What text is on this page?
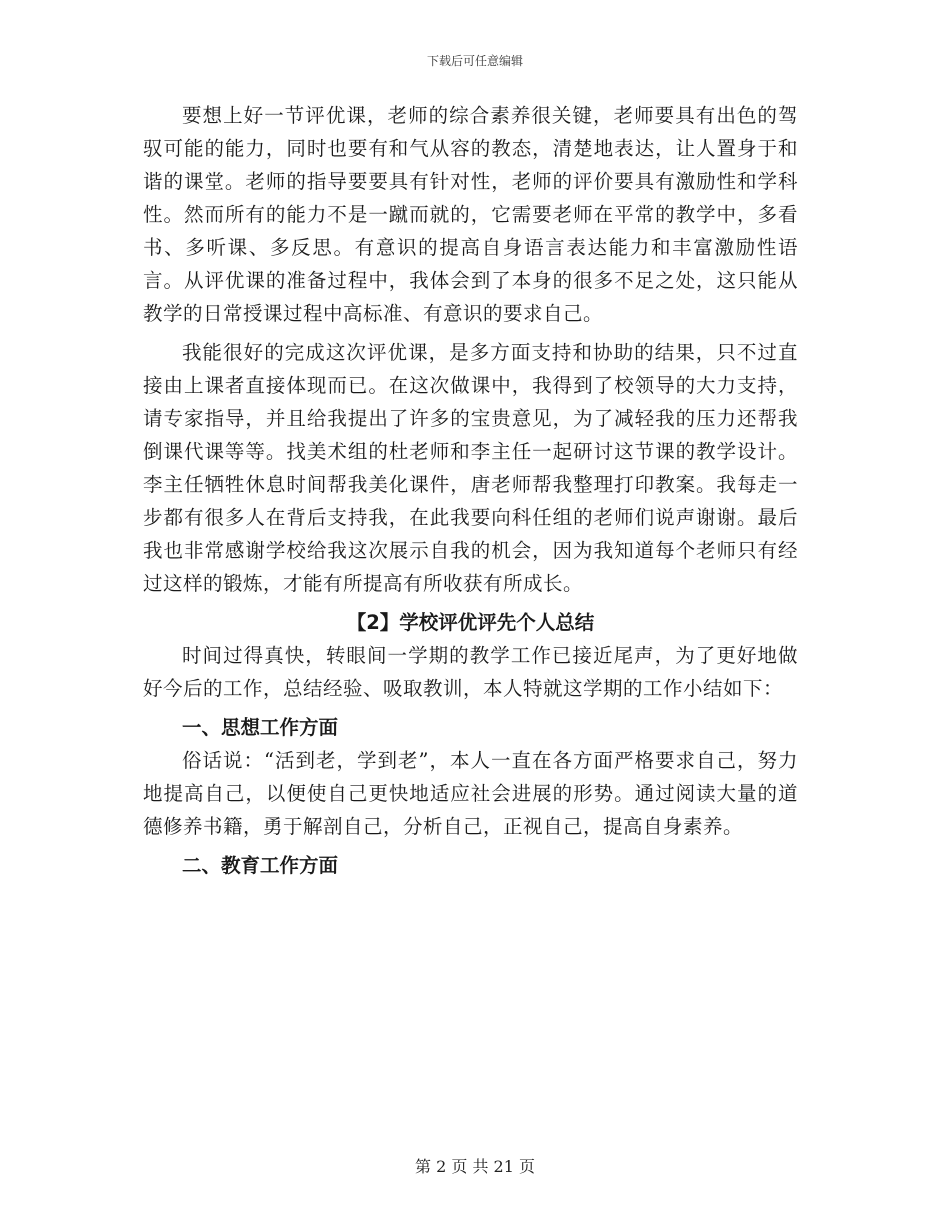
下载后可任意编辑

要想上好一节评优课，老师的综合素养很关键，老师要具有出色的驾驭可能的能力，同时也要有和气从容的教态，清楚地表达，让人置身于和谐的课堂。老师的指导要要具有针对性，老师的评价要具有激励性和学科性。然而所有的能力不是一蹴而就的，它需要老师在平常的教学中，多看书、多听课、多反思。有意识的提高自身语言表达能力和丰富激励性语言。从评优课的准备过程中，我体会到了本身的很多不足之处，这只能从教学的日常授课过程中高标准、有意识的要求自己。

我能很好的完成这次评优课，是多方面支持和协助的结果，只不过直接由上课者直接体现而已。在这次做课中，我得到了校领导的大力支持，请专家指导，并且给我提出了许多的宝贵意见，为了减轻我的压力还帮我倒课代课等等。找美术组的杜老师和李主任一起研讨这节课的教学设计。李主任牺牲休息时间帮我美化课件，唐老师帮我整理打印教案。我每走一步都有很多人在背后支持我，在此我要向科任组的老师们说声谢谢。最后我也非常感谢学校给我这次展示自我的机会，因为我知道每个老师只有经过这样的锻炼，才能有所提高有所收获有所成长。

【2】学校评优评先个人总结

时间过得真快，转眼间一学期的教学工作已接近尾声，为了更好地做好今后的工作，总结经验、吸取教训，本人特就这学期的工作小结如下：

一、思想工作方面

俗话说：“活到老，学到老”，本人一直在各方面严格要求自己，努力地提高自己，以便使自己更快地适应社会进展的形势。通过阅读大量的道德修养书籍，勇于解剖自己，分析自己，正视自己，提高自身素养。

二、教育工作方面
第 2 页 共 21 页
